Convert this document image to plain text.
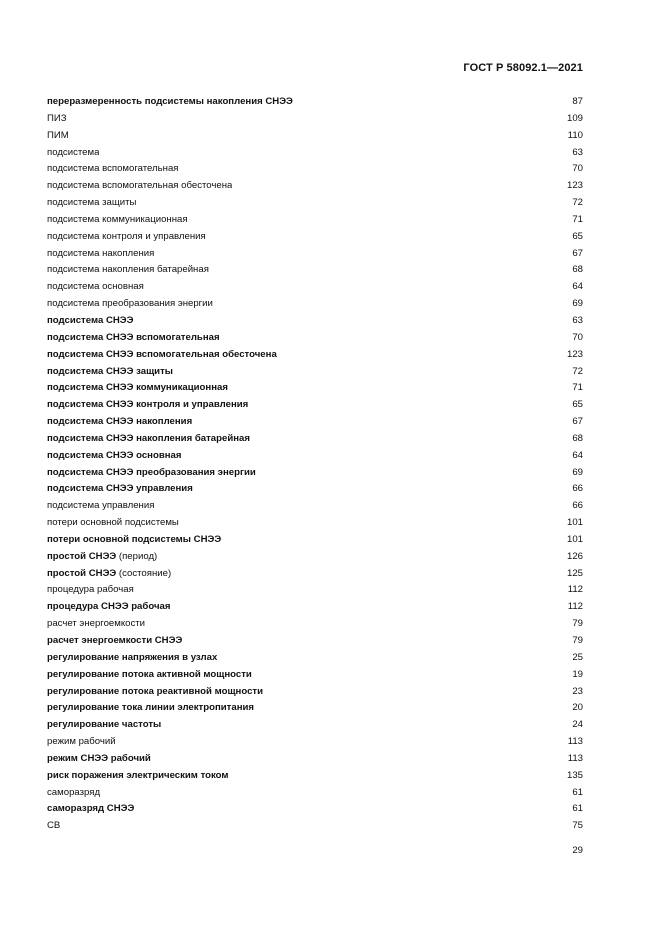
ГОСТ Р 58092.1—2021
переразмеренность подсистемы накопления СНЭЭ	87
ПИЗ	109
ПИМ	110
подсистема	63
подсистема вспомогательная	70
подсистема вспомогательная обесточена	123
подсистема защиты	72
подсистема коммуникационная	71
подсистема контроля и управления	65
подсистема накопления	67
подсистема накопления батарейная	68
подсистема основная	64
подсистема преобразования энергии	69
подсистема СНЭЭ	63
подсистема СНЭЭ вспомогательная	70
подсистема СНЭЭ вспомогательная обесточена	123
подсистема СНЭЭ защиты	72
подсистема СНЭЭ коммуникационная	71
подсистема СНЭЭ контроля и управления	65
подсистема СНЭЭ накопления	67
подсистема СНЭЭ накопления батарейная	68
подсистема СНЭЭ основная	64
подсистема СНЭЭ преобразования энергии	69
подсистема СНЭЭ управления	66
подсистема управления	66
потери основной подсистемы	101
потери основной подсистемы СНЭЭ	101
простой СНЭЭ (период)	126
простой СНЭЭ (состояние)	125
процедура рабочая	112
процедура СНЭЭ рабочая	112
расчет энергоемкости	79
расчет энергоемкости СНЭЭ	79
регулирование напряжения в узлах	25
регулирование потока активной мощности	19
регулирование потока реактивной мощности	23
регулирование тока линии электропитания	20
регулирование частоты	24
режим рабочий	113
режим СНЭЭ рабочий	113
риск поражения электрическим током	135
саморазряд	61
саморазряд СНЭЭ	61
СВ	75
29
